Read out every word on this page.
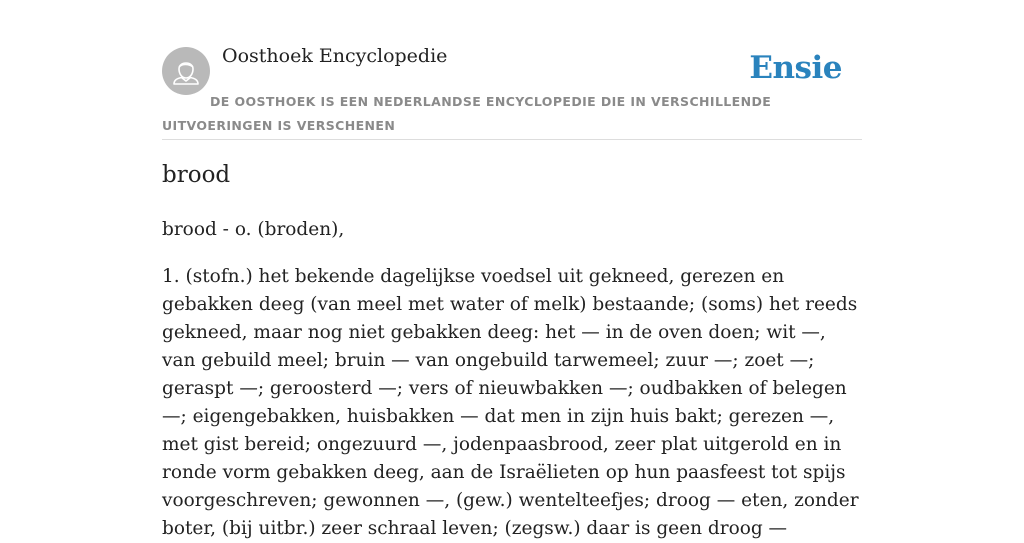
Oosthoek Encyclopedie	Ensie
DE OOSTHOEK IS EEN NEDERLANDSE ENCYCLOPEDIE DIE IN VERSCHILLENDE UITVOERINGEN IS VERSCHENEN
brood

brood - o. (broden),

1. (stofn.) het bekende dagelijkse voedsel uit gekneed, gerezen en gebakken deeg (van meel met water of melk) bestaande; (soms) het reeds gekneed, maar nog niet gebakken deeg: het — in de oven doen; wit —, van gebuild meel; bruin — van ongebuild tarwemeel; zuur —; zoet —; geraspt —; geroosterd —; vers of nieuwbakken —; oudbakken of belegen —; eigengebakken, huisbakken — dat men in zijn huis bakt; gerezen —, met gist bereid; ongezuurd —, jodenpaasbrood, zeer plat uitgerold en in ronde vorm gebakken deeg, aan de Israëlieten op hun paasfeest tot spijs voorgeschreven; gewonnen —, (gew.) wentelteefjes; droog — eten, zonder boter, (bij uitbr.) zeer schraal leven; (zegsw.) daar is geen droog —
